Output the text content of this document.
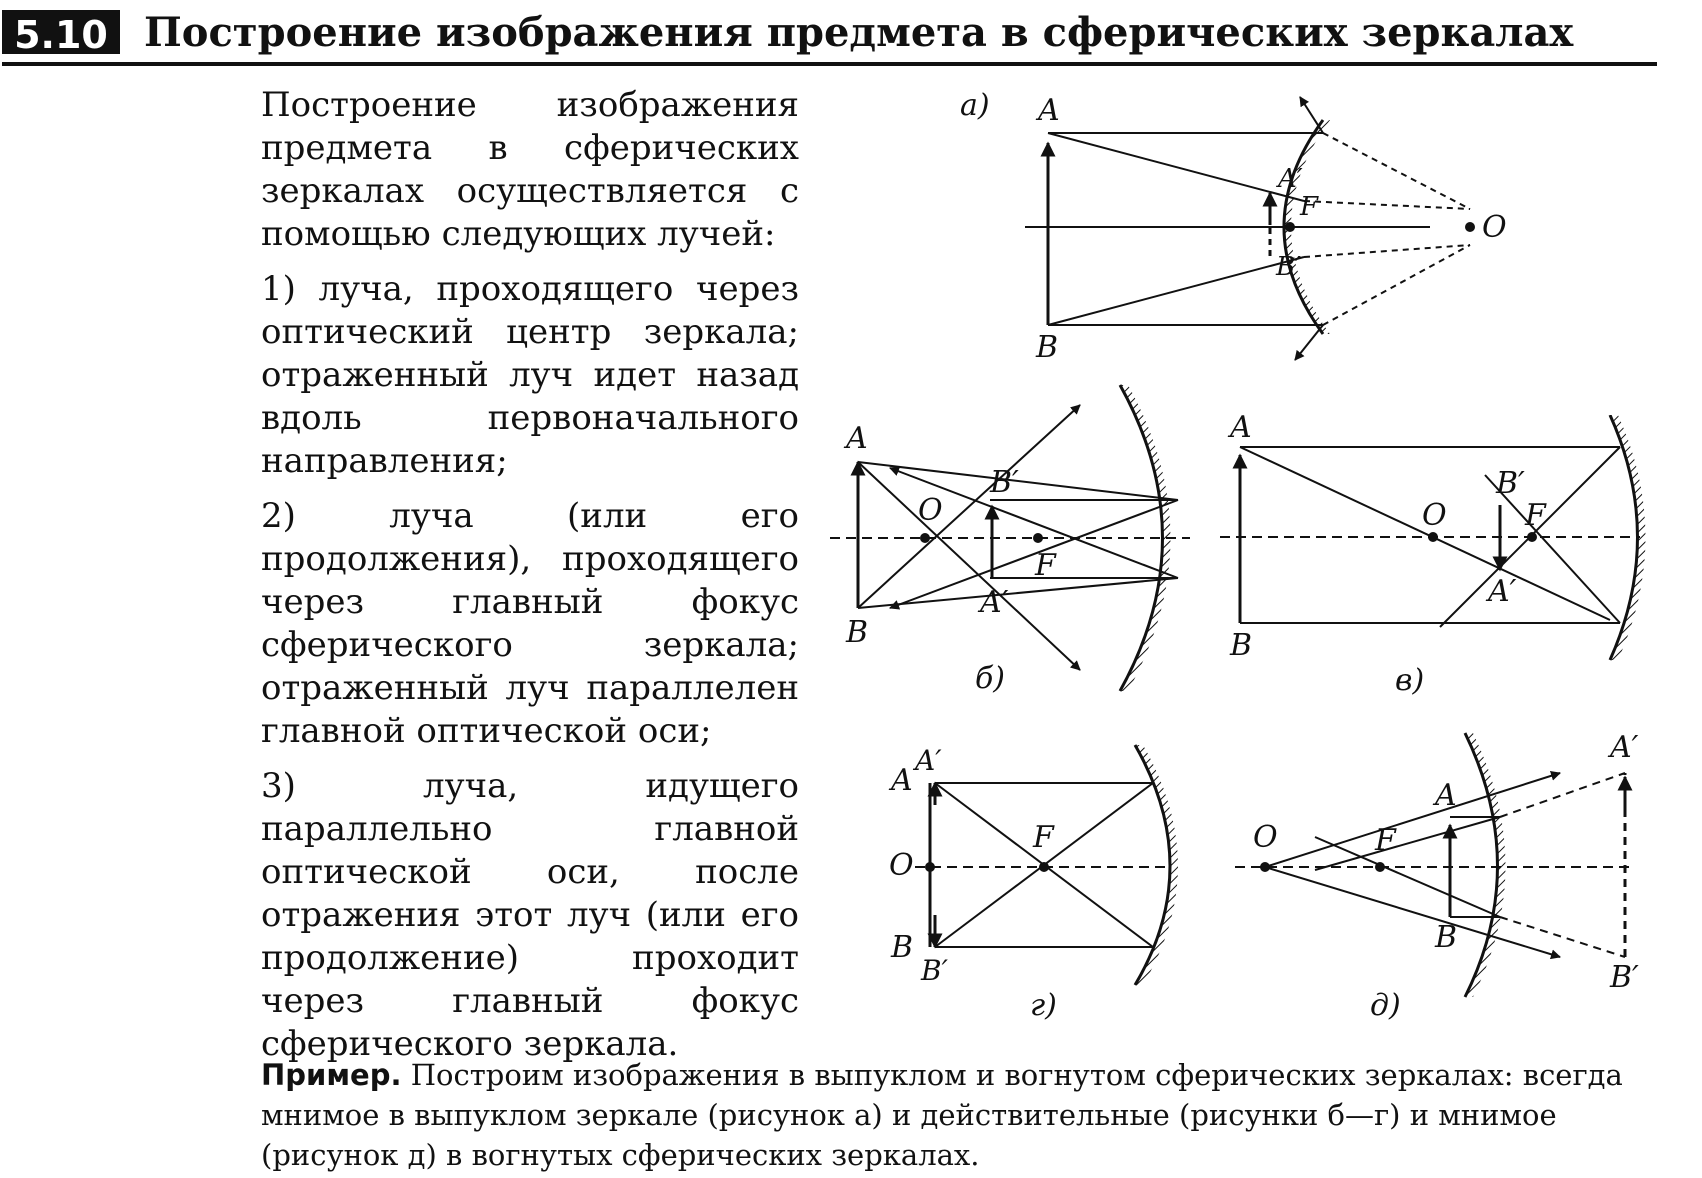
5.10 Построение изображения предмета в сферических зеркалах

Построение изображения предмета в сферических зеркалах осуществляется с помощью следующих лучей:

1) луча, проходящего через оптический центр зеркала; отраженный луч идет назад вдоль первоначального направления;

2) луча (или его продолжения), проходящего через главный фокус сферического зеркала; отраженный луч параллелен главной оптической оси;

3) луча, идущего параллельно главной оптической оси, после отражения этот луч (или его продолжение) проходит через главный фокус сферического зеркала.

Пример. Построим изображения в выпуклом и вогнутом сферических зеркалах: всегда мнимое в выпуклом зеркале (рисунок а) и действительные (рисунки б—г) и мнимое (рисунок д) в вогнутых сферических зеркалах.
а) A
B
A′
B′
F
O
A
B
O
F
B′
A′
б)
A
B
O	F
B′
A′
в)
A
A′
O
F
B
B′
г)
O	F
A
B
A′
B′
д)
